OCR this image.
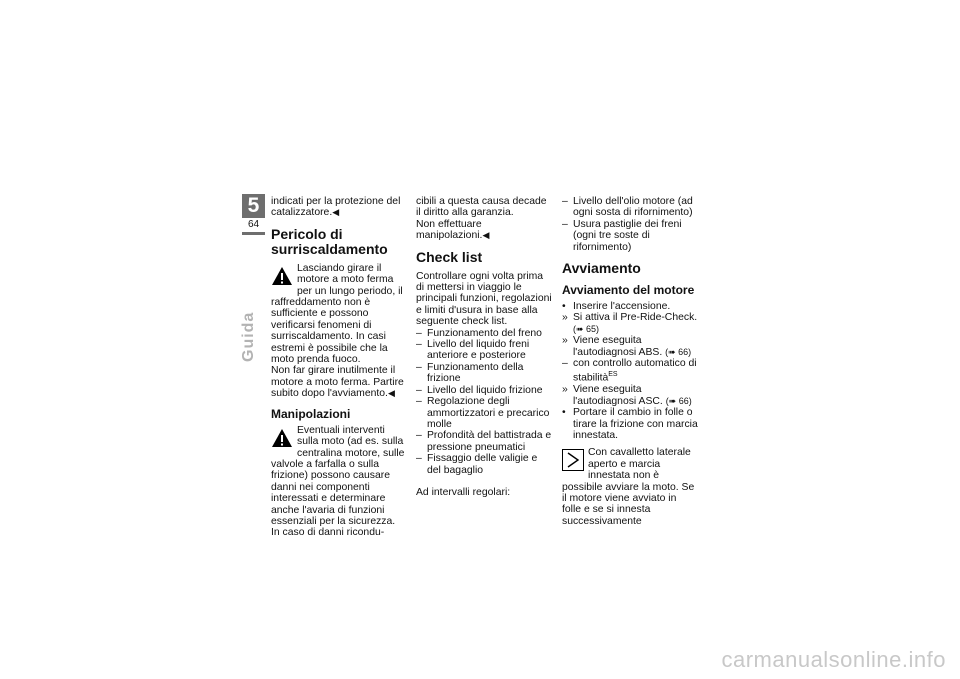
5
64
Guida

indicati per la protezione del catalizzatore.◀

Pericolo di surriscaldamento

Lasciando girare il motore a moto ferma per un lungo periodo, il raffreddamento non è sufficiente e possono verificarsi fenomeni di surriscaldamento. In casi estremi è possibile che la moto prenda fuoco.

Non far girare inutilmente il motore a moto ferma. Partire subito dopo l'avviamento.◀

Manipolazioni

Eventuali interventi sulla moto (ad es. sulla centralina motore, sulle valvole a farfalla o sulla frizione) possono causare danni nei componenti interessati e determinare anche l'avaria di funzioni essenziali per la sicurezza. In caso di danni ricondu-

cibili a questa causa decade il diritto alla garanzia.

Non effettuare manipolazioni.◀

Check list

Controllare ogni volta prima di mettersi in viaggio le principali funzioni, regolazioni e limiti d'usura in base alla seguente check list.

– Funzionamento del freno
– Livello del liquido freni anteriore e posteriore
– Funzionamento della frizione
– Livello del liquido frizione
– Regolazione degli ammortizzatori e precarico molle
– Profondità del battistrada e pressione pneumatici
– Fissaggio delle valigie e del bagaglio

Ad intervalli regolari:

– Livello dell'olio motore (ad ogni sosta di rifornimento)
– Usura pastiglie dei freni (ogni tre soste di rifornimento)
Avviamento
Avviamento del motore
• Inserire l'accensione.
» Si attiva il Pre-Ride-Check.
(➠ 65)
» Viene eseguita l'autodiagnosi ABS. (➠ 66)
– con controllo automatico di stabilità$^{ES}$
» Viene eseguita l'autodiagnosi ASC. (➠ 66)
• Portare il cambio in folle o tirare la frizione con marcia innestata.

Con cavalletto laterale aperto e marcia innestata non è possibile avviare la moto. Se il motore viene avviato in folle e se si innesta successivamente

carmanualsonline.info
